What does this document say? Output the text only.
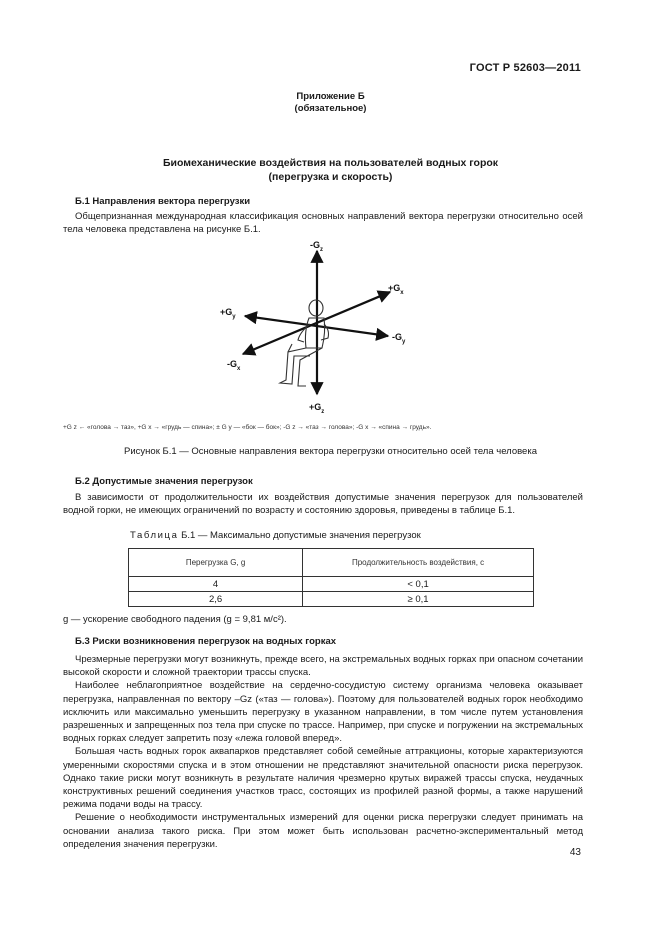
ГОСТ Р 52603—2011
Приложение Б
(обязательное)
Биомеханические воздействия на пользователей водных горок
(перегрузка и скорость)
Б.1 Направления вектора перегрузки

Общепризнанная международная классификация основных направлений вектора перегрузки относительно осей тела человека представлена на рисунке Б.1.

$-G_z$
$+G_x$
$+G_y$
$-G_y$
$-G_x$
$+G_z$
+G z ← «голова → таз», +G x → «грудь — спина»; ± G y — «бок — бок»; -G z → «таз → голова»; -G x → «спина → грудь».
Рисунок Б.1 — Основные направления вектора перегрузки относительно осей тела человека
Б.2 Допустимые значения перегрузок

В зависимости от продолжительности их воздействия допустимые значения перегрузок для пользователей водной горки, не имеющих ограничений по возрасту и состоянию здоровья, приведены в таблице Б.1.

Таблица Б.1 — Максимально допустимые значения перегрузок
Перегрузка G, g	Продолжительность воздействия, с
4	< 0,1
2,6	≥ 0,1
g — ускорение свободного падения (g = 9,81 м/с²).
Б.3 Риски возникновения перегрузок на водных горках

Чрезмерные перегрузки могут возникнуть, прежде всего, на экстремальных водных горках при опасном сочетании высокой скорости и сложной траектории трассы спуска.

Наиболее неблагоприятное воздействие на сердечно-сосудистую систему организма человека оказывает перегрузка, направленная по вектору –Gz («таз — голова»). Поэтому для пользователей водных горок необходимо исключить или максимально уменьшить перегрузку в указанном направлении, в том числе путем установления разрешенных и запрещенных поз тела при спуске по трассе. Например, при спуске и погружении на экстремальных водных горках следует запретить позу «лежа головой вперед».

Большая часть водных горок аквапарков представляет собой семейные аттракционы, которые характеризуются умеренными скоростями спуска и в этом отношении не представляют значительной опасности риска перегрузок. Однако такие риски могут возникнуть в результате наличия чрезмерно крутых виражей трассы спуска, неудачных конструктивных решений соединения участков трасс, состоящих из профилей разной формы, а также нарушений режима подачи воды на трассу.

Решение о необходимости инструментальных измерений для оценки риска перегрузки следует принимать на основании анализа такого риска. При этом может быть использован расчетно-экспериментальный метод определения значения перегрузки.

43
